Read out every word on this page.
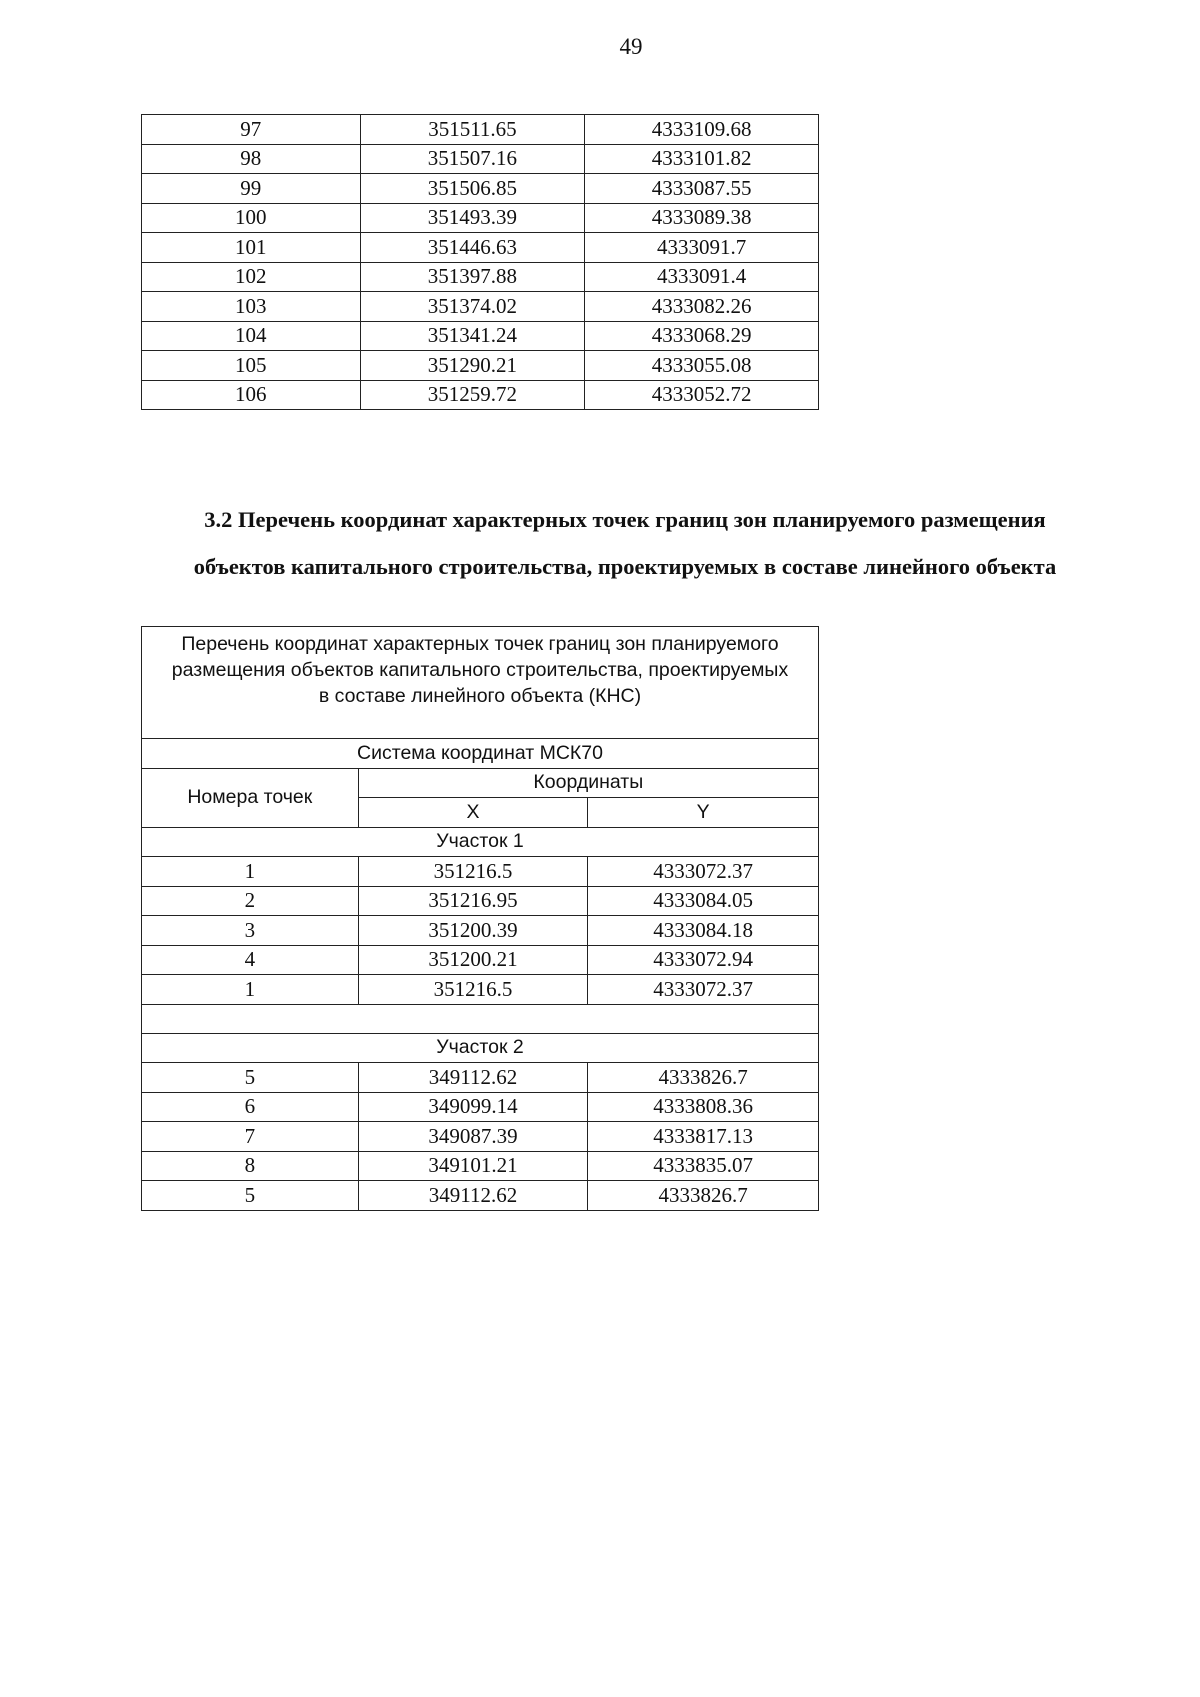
49
97	351511.65	4333109.68
98	351507.16	4333101.82
99	351506.85	4333087.55
100	351493.39	4333089.38
101	351446.63	4333091.7
102	351397.88	4333091.4
103	351374.02	4333082.26
104	351341.24	4333068.29
105	351290.21	4333055.08
106	351259.72	4333052.72
3.2 Перечень координат характерных точек границ зон планируемого размещения
объектов капитального строительства, проектируемых в составе линейного объекта
Перечень координат характерных точек границ зон планируемого
размещения объектов капитального строительства, проектируемых
в составе линейного объекта (КНС)		

Система координат МСК70		
Номера точек	Координаты	
	X	Y
Участок 1		
1	351216.5	4333072.37
2	351216.95	4333084.05
3	351200.39	4333084.18
4	351200.21	4333072.94
1	351216.5	4333072.37

Участок 2		
5	349112.62	4333826.7
6	349099.14	4333808.36
7	349087.39	4333817.13
8	349101.21	4333835.07
5	349112.62	4333826.7
